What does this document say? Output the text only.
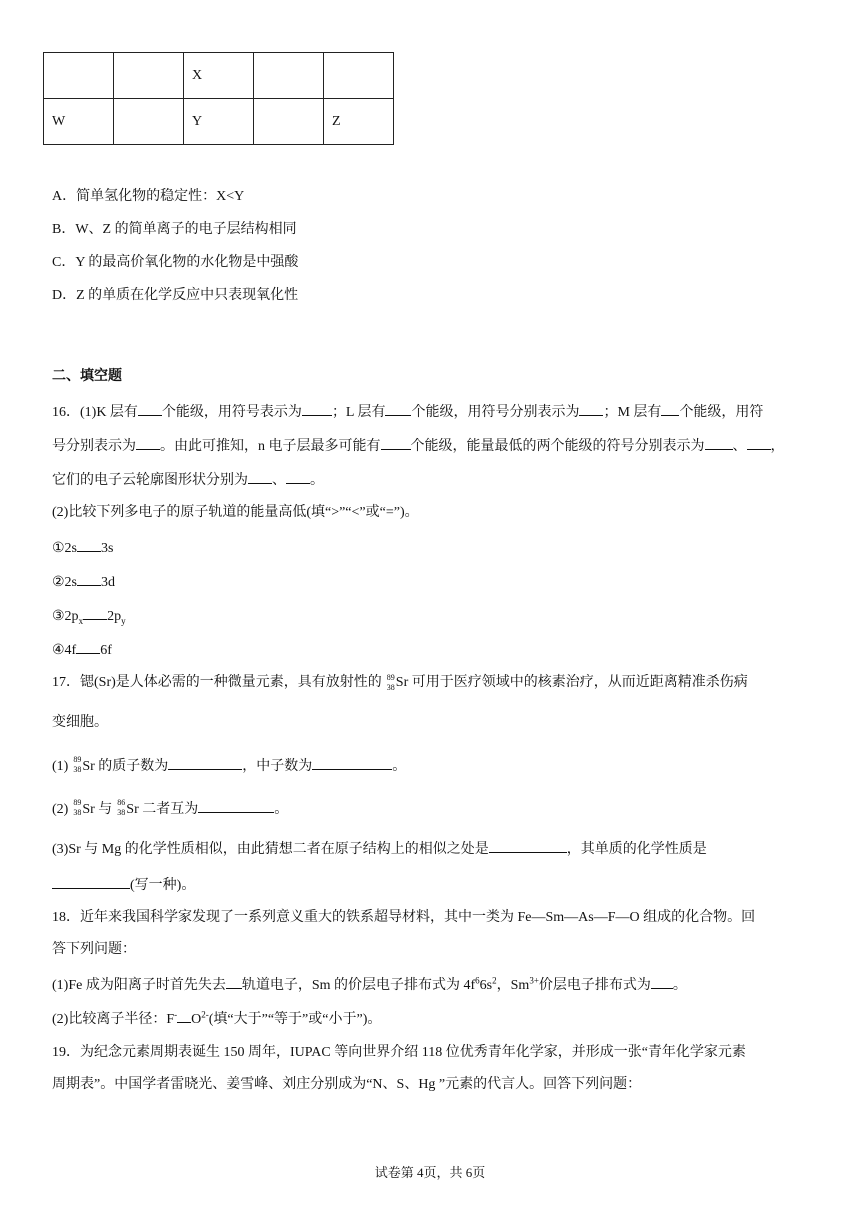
		X		
W		Y		Z
A．简单氢化物的稳定性：X<Y
B．W、Z 的简单离子的电子层结构相同
C．Y 的最高价氧化物的水化物是中强酸
D．Z 的单质在化学反应中只表现氧化性
二、填空题
16．(1)K 层有 个能级，用符号表示为 ；L 层有 个能级，用符号分别表示为 ；M 层有 个能级，用符
号分别表示为 。由此可推知，n 电子层最多可能有 个能级，能量最低的两个能级的符号分别表示为 、 ，
它们的电子云轮廓图形状分别为 、 。
(2)比较下列多电子的原子轨道的能量高低(填“>”“<”或“=”)。
①2s 3s
②2s 3d
$③2p_x$ $2p_y$
④4f 6f
17．锶(Sr)是人体必需的一种微量元素，具有放射性的 89
38 Sr 可用于医疗领域中的核素治疗，从而近距离精准杀伤病
变细胞。
(1) 89
38 Sr 的质子数为	，中子数为	。
(2) 89
38 Sr 与 86
38 Sr 二者互为	。
(3)Sr 与 Mg 的化学性质相似，由此猜想二者在原子结构上的相似之处是	，其单质的化学性质是
(写一种)。
18．近年来我国科学家发现了一系列意义重大的铁系超导材料，其中一类为 Fe—Sm—As—F—O 组成的化合物。回
答下列问题：
(1)Fe 成为阳离子时首先失去 轨道电子，Sm 的价层电子排布式为 $4f^66s^2$，$Sm^{3+}$价层电子排布式为 。
(2)比较离子半径：F- $O^{2-}$(填“大于”“等于”或“小于”)。
19．为纪念元素周期表诞生 150 周年，IUPAC 等向世界介绍 118 位优秀青年化学家，并形成一张“青年化学家元素
周期表”。中国学者雷晓光、姜雪峰、刘庄分别成为“N、S、Hg ”元素的代言人。回答下列问题：
试卷第 4页，共 6页
